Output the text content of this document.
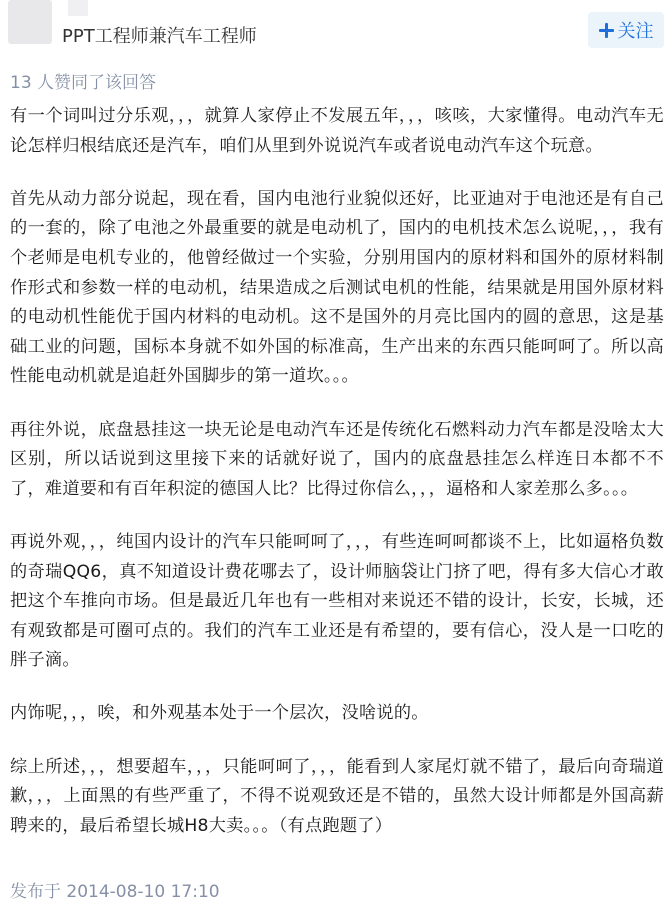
PPT工程师兼汽车工程师	关注
13 人赞同了该回答

有一个词叫过分乐观，，，就算人家停止不发展五年，，，咳咳，大家懂得。电动汽车无论怎样归根结底还是汽车，咱们从里到外说说汽车或者说电动汽车这个玩意。

首先从动力部分说起，现在看，国内电池行业貌似还好，比亚迪对于电池还是有自己的一套的，除了电池之外最重要的就是电动机了，国内的电机技术怎么说呢，，，我有个老师是电机专业的，他曾经做过一个实验，分别用国内的原材料和国外的原材料制作形式和参数一样的电动机，结果造成之后测试电机的性能，结果就是用国外原材料的电动机性能优于国内材料的电动机。这不是国外的月亮比国内的圆的意思，这是基础工业的问题，国标本身就不如外国的标准高，生产出来的东西只能呵呵了。所以高性能电动机就是追赶外国脚步的第一道坎。。。

再往外说，底盘悬挂这一块无论是电动汽车还是传统化石燃料动力汽车都是没啥太大区别，所以话说到这里接下来的话就好说了，国内的底盘悬挂怎么样连日本都不不了，难道要和有百年积淀的德国人比？比得过你信么，，，逼格和人家差那么多。。。

再说外观，，，纯国内设计的汽车只能呵呵了，，，有些连呵呵都谈不上，比如逼格负数的奇瑞QQ6，真不知道设计费花哪去了，设计师脑袋让门挤了吧，得有多大信心才敢把这个车推向市场。但是最近几年也有一些相对来说还不错的设计，长安，长城，还有观致都是可圈可点的。我们的汽车工业还是有希望的，要有信心，没人是一口吃的胖子滴。

内饰呢，，，唉，和外观基本处于一个层次，没啥说的。

综上所述，，，想要超车，，，只能呵呵了，，，能看到人家尾灯就不错了，最后向奇瑞道歉，，，上面黑的有些严重了，不得不说观致还是不错的，虽然大设计师都是外国高薪聘来的，最后希望长城H8大卖。。。（有点跑题了）

发布于 2014-08-10 17:10
